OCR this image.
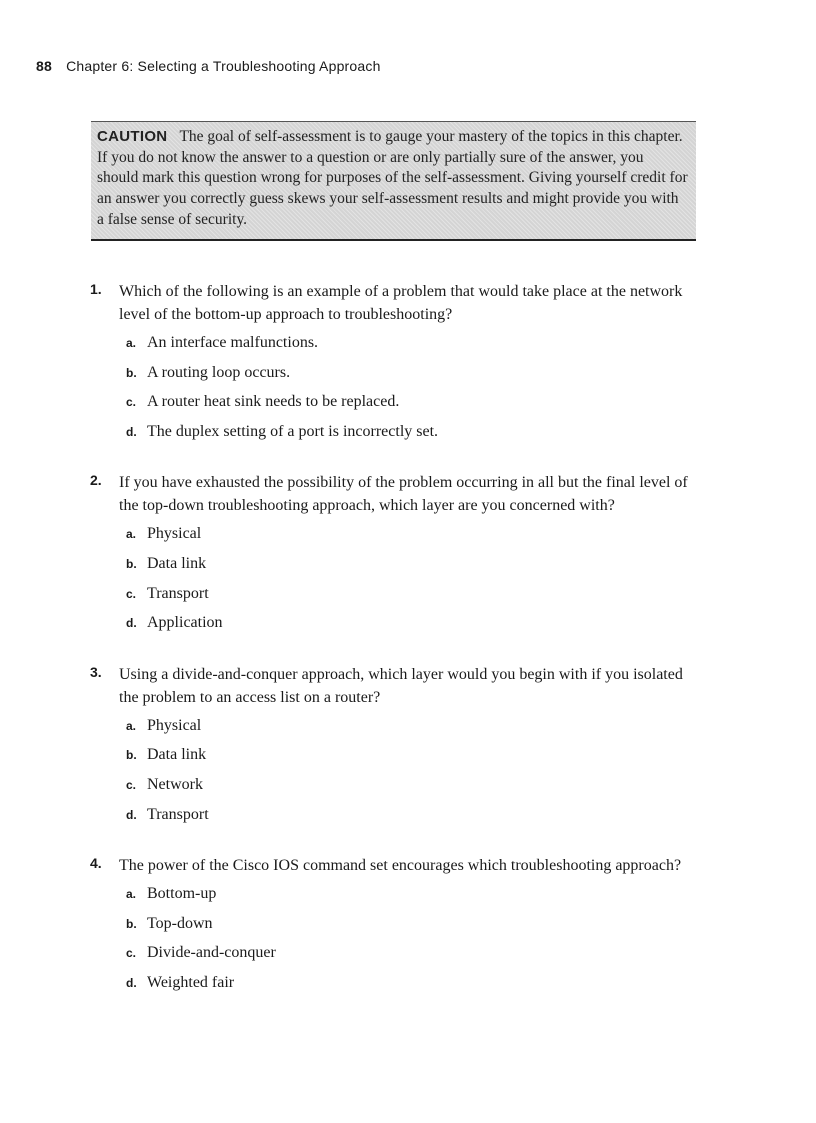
88 Chapter 6: Selecting a Troubleshooting Approach
CAUTION The goal of self-assessment is to gauge your mastery of the topics in this chapter. If you do not know the answer to a question or are only partially sure of the answer, you should mark this question wrong for purposes of the self-assessment. Giving yourself credit for an answer you correctly guess skews your self-assessment results and might provide you with a false sense of security.
1. Which of the following is an example of a problem that would take place at the network level of the bottom-up approach to troubleshooting?
a. An interface malfunctions.
b. A routing loop occurs.
c. A router heat sink needs to be replaced.
d. The duplex setting of a port is incorrectly set.
2. If you have exhausted the possibility of the problem occurring in all but the final level of the top-down troubleshooting approach, which layer are you concerned with?
a. Physical
b. Data link
c. Transport
d. Application
3. Using a divide-and-conquer approach, which layer would you begin with if you isolated the problem to an access list on a router?
a. Physical
b. Data link
c. Network
d. Transport
4. The power of the Cisco IOS command set encourages which troubleshooting approach?
a. Bottom-up
b. Top-down
c. Divide-and-conquer
d. Weighted fair
